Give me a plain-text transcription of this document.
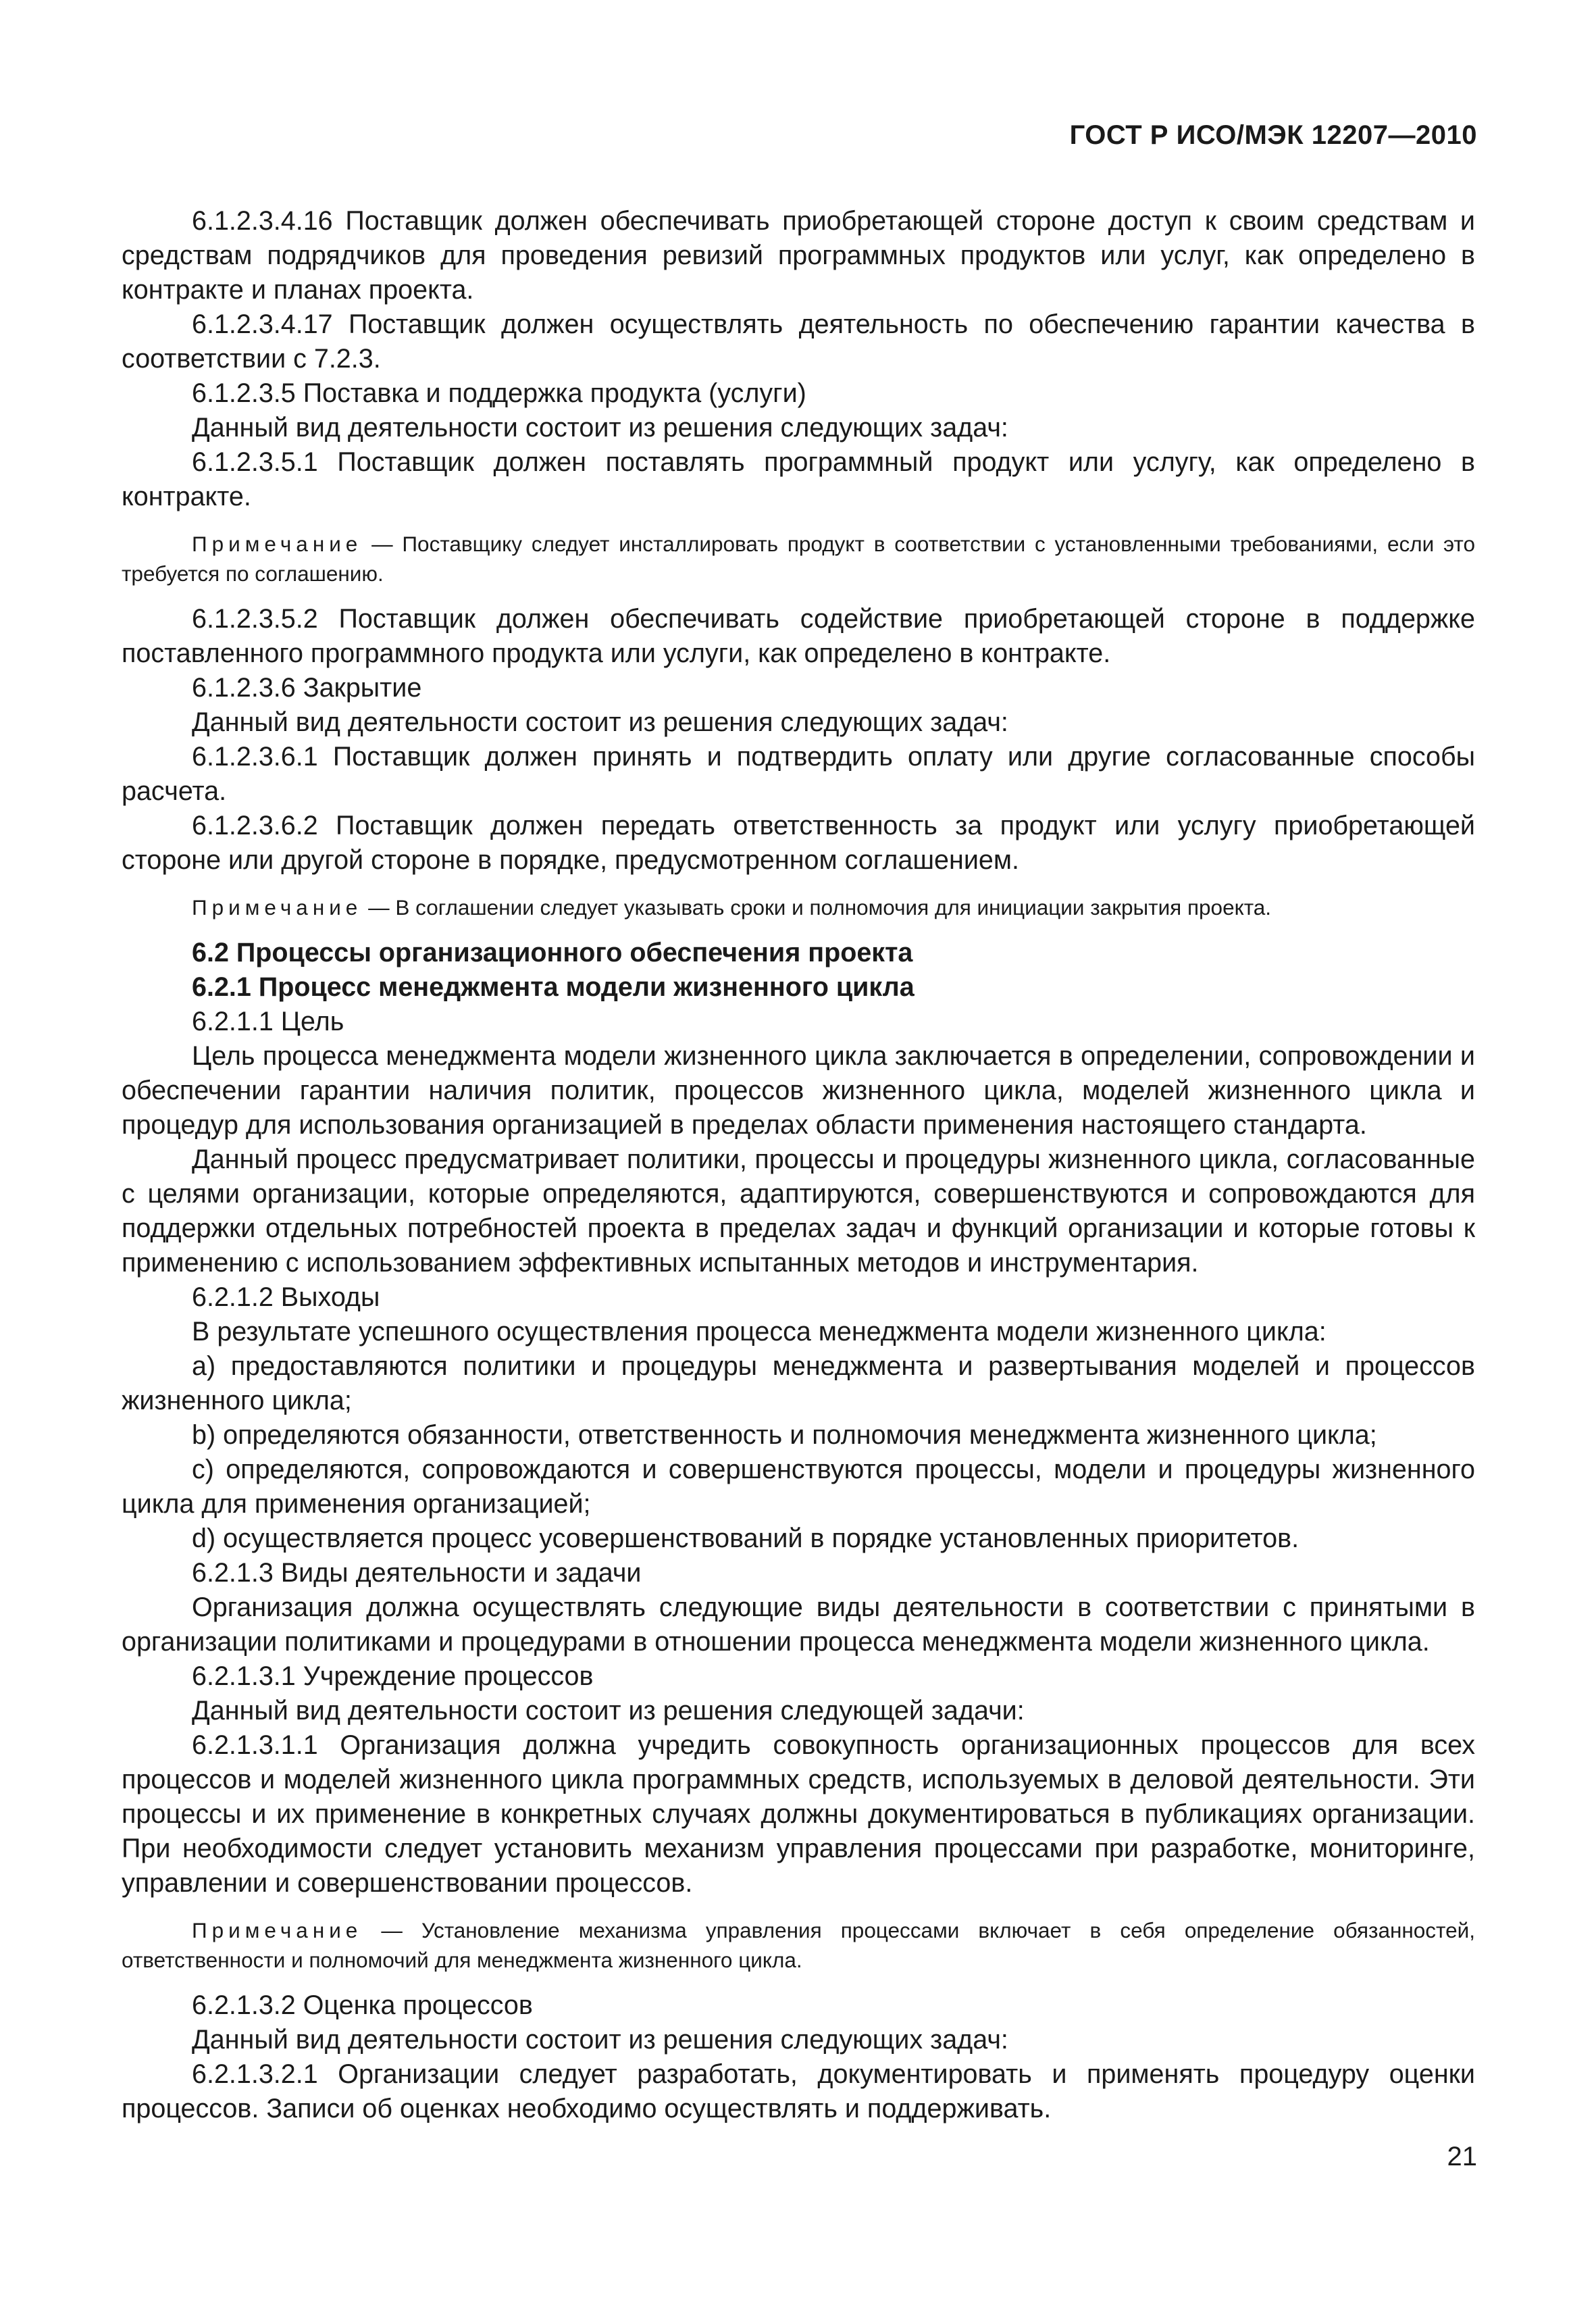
ГОСТ Р ИСО/МЭК 12207—2010

6.1.2.3.4.16 Поставщик должен обеспечивать приобретающей стороне доступ к своим средствам и средствам подрядчиков для проведения ревизий программных продуктов или услуг, как определено в контракте и планах проекта.

6.1.2.3.4.17 Поставщик должен осуществлять деятельность по обеспечению гарантии качества в соответствии с 7.2.3.

6.1.2.3.5 Поставка и поддержка продукта (услуги)

Данный вид деятельности состоит из решения следующих задач:

6.1.2.3.5.1 Поставщик должен поставлять программный продукт или услугу, как определено в контракте.

Примечание — Поставщику следует инсталлировать продукт в соответствии с установленными требованиями, если это требуется по соглашению.

6.1.2.3.5.2 Поставщик должен обеспечивать содействие приобретающей стороне в поддержке поставленного программного продукта или услуги, как определено в контракте.

6.1.2.3.6 Закрытие

Данный вид деятельности состоит из решения следующих задач:

6.1.2.3.6.1 Поставщик должен принять и подтвердить оплату или другие согласованные способы расчета.

6.1.2.3.6.2 Поставщик должен передать ответственность за продукт или услугу приобретающей стороне или другой стороне в порядке, предусмотренном соглашением.

Примечание — В соглашении следует указывать сроки и полномочия для инициации закрытия проекта.

6.2 Процессы организационного обеспечения проекта

6.2.1 Процесс менеджмента модели жизненного цикла

6.2.1.1 Цель

Цель процесса менеджмента модели жизненного цикла заключается в определении, сопровождении и обеспечении гарантии наличия политик, процессов жизненного цикла, моделей жизненного цикла и процедур для использования организацией в пределах области применения настоящего стандарта.

Данный процесс предусматривает политики, процессы и процедуры жизненного цикла, согласованные с целями организации, которые определяются, адаптируются, совершенствуются и сопровождаются для поддержки отдельных потребностей проекта в пределах задач и функций организации и которые готовы к применению с использованием эффективных испытанных методов и инструментария.

6.2.1.2 Выходы

В результате успешного осуществления процесса менеджмента модели жизненного цикла:

a) предоставляются политики и процедуры менеджмента и развертывания моделей и процессов жизненного цикла;

b) определяются обязанности, ответственность и полномочия менеджмента жизненного цикла;

c) определяются, сопровождаются и совершенствуются процессы, модели и процедуры жизненного цикла для применения организацией;

d) осуществляется процесс усовершенствований в порядке установленных приоритетов.

6.2.1.3 Виды деятельности и задачи

Организация должна осуществлять следующие виды деятельности в соответствии с принятыми в организации политиками и процедурами в отношении процесса менеджмента модели жизненного цикла.

6.2.1.3.1 Учреждение процессов

Данный вид деятельности состоит из решения следующей задачи:

6.2.1.3.1.1 Организация должна учредить совокупность организационных процессов для всех процессов и моделей жизненного цикла программных средств, используемых в деловой деятельности. Эти процессы и их применение в конкретных случаях должны документироваться в публикациях организации. При необходимости следует установить механизм управления процессами при разработке, мониторинге, управлении и совершенствовании процессов.

Примечание — Установление механизма управления процессами включает в себя определение обязанностей, ответственности и полномочий для менеджмента жизненного цикла.

6.2.1.3.2 Оценка процессов

Данный вид деятельности состоит из решения следующих задач:

6.2.1.3.2.1 Организации следует разработать, документировать и применять процедуру оценки процессов. Записи об оценках необходимо осуществлять и поддерживать.

21
